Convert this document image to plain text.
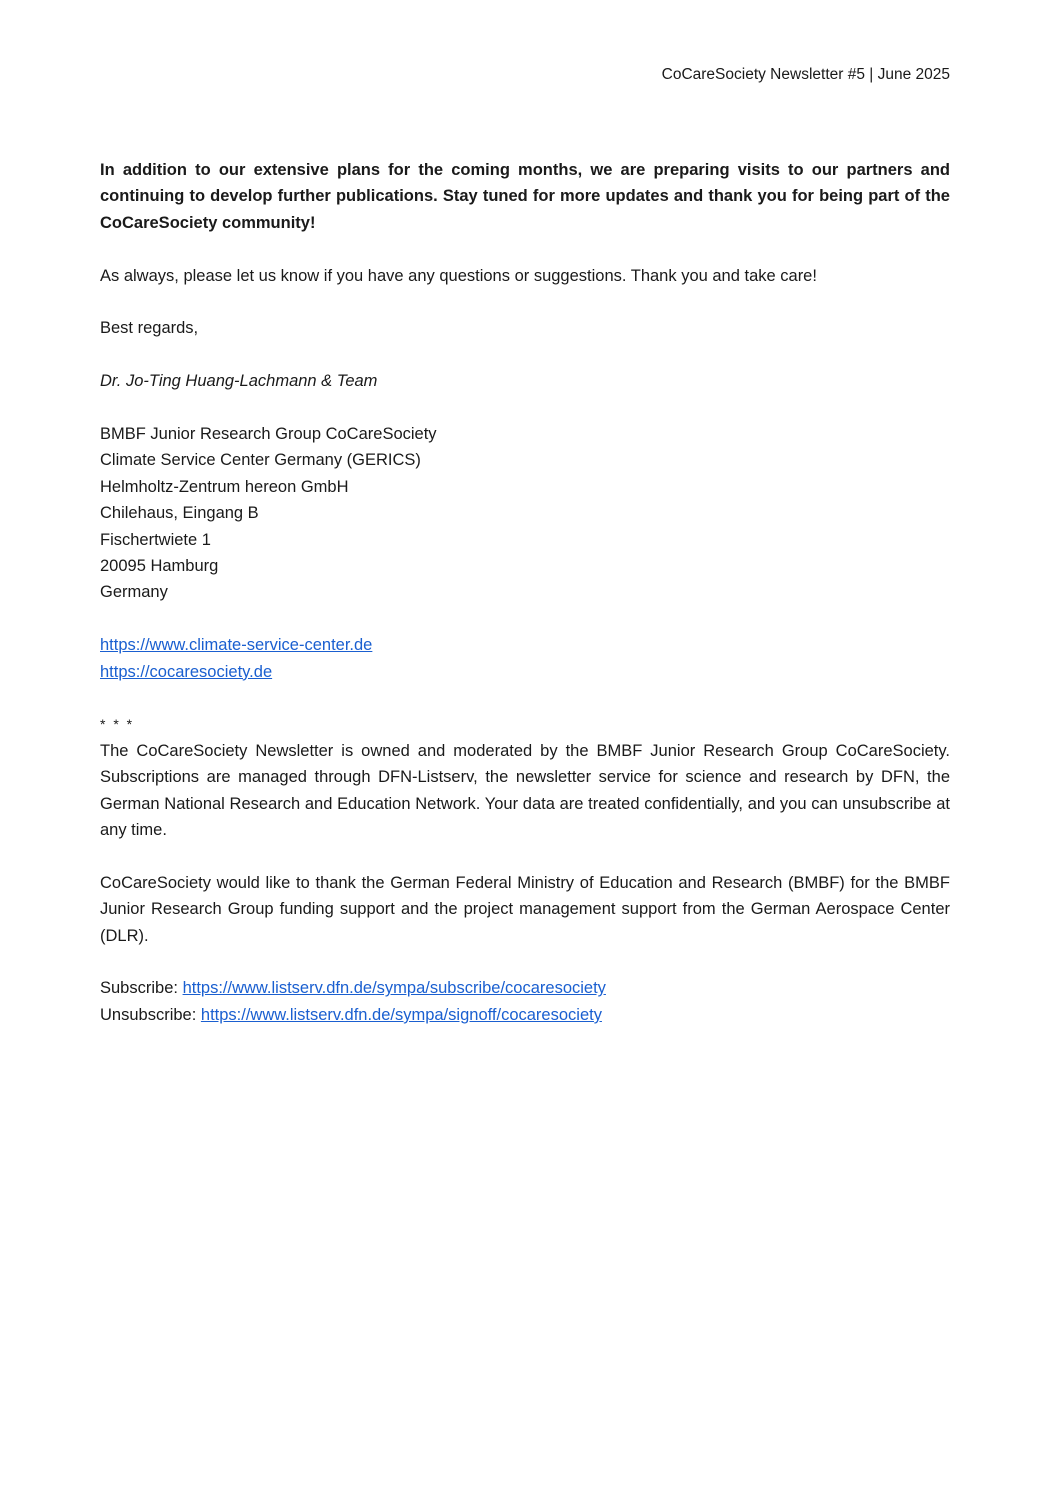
CoCareSociety Newsletter #5 | June 2025

In addition to our extensive plans for the coming months, we are preparing visits to our partners and continuing to develop further publications. Stay tuned for more updates and thank you for being part of the CoCareSociety community!

As always, please let us know if you have any questions or suggestions. Thank you and take care!

Best regards,

Dr. Jo-Ting Huang-Lachmann & Team

BMBF Junior Research Group CoCareSociety
Climate Service Center Germany (GERICS)
Helmholtz-Zentrum hereon GmbH
Chilehaus, Eingang B
Fischertwiete 1
20095 Hamburg
Germany
https://www.climate-service-center.de
https://cocaresociety.de

* * *

The CoCareSociety Newsletter is owned and moderated by the BMBF Junior Research Group CoCareSociety. Subscriptions are managed through DFN-Listserv, the newsletter service for science and research by DFN, the German National Research and Education Network. Your data are treated confidentially, and you can unsubscribe at any time.

CoCareSociety would like to thank the German Federal Ministry of Education and Research (BMBF) for the BMBF Junior Research Group funding support and the project management support from the German Aerospace Center (DLR).

Subscribe: https://www.listserv.dfn.de/sympa/subscribe/cocaresociety
Unsubscribe: https://www.listserv.dfn.de/sympa/signoff/cocaresociety
